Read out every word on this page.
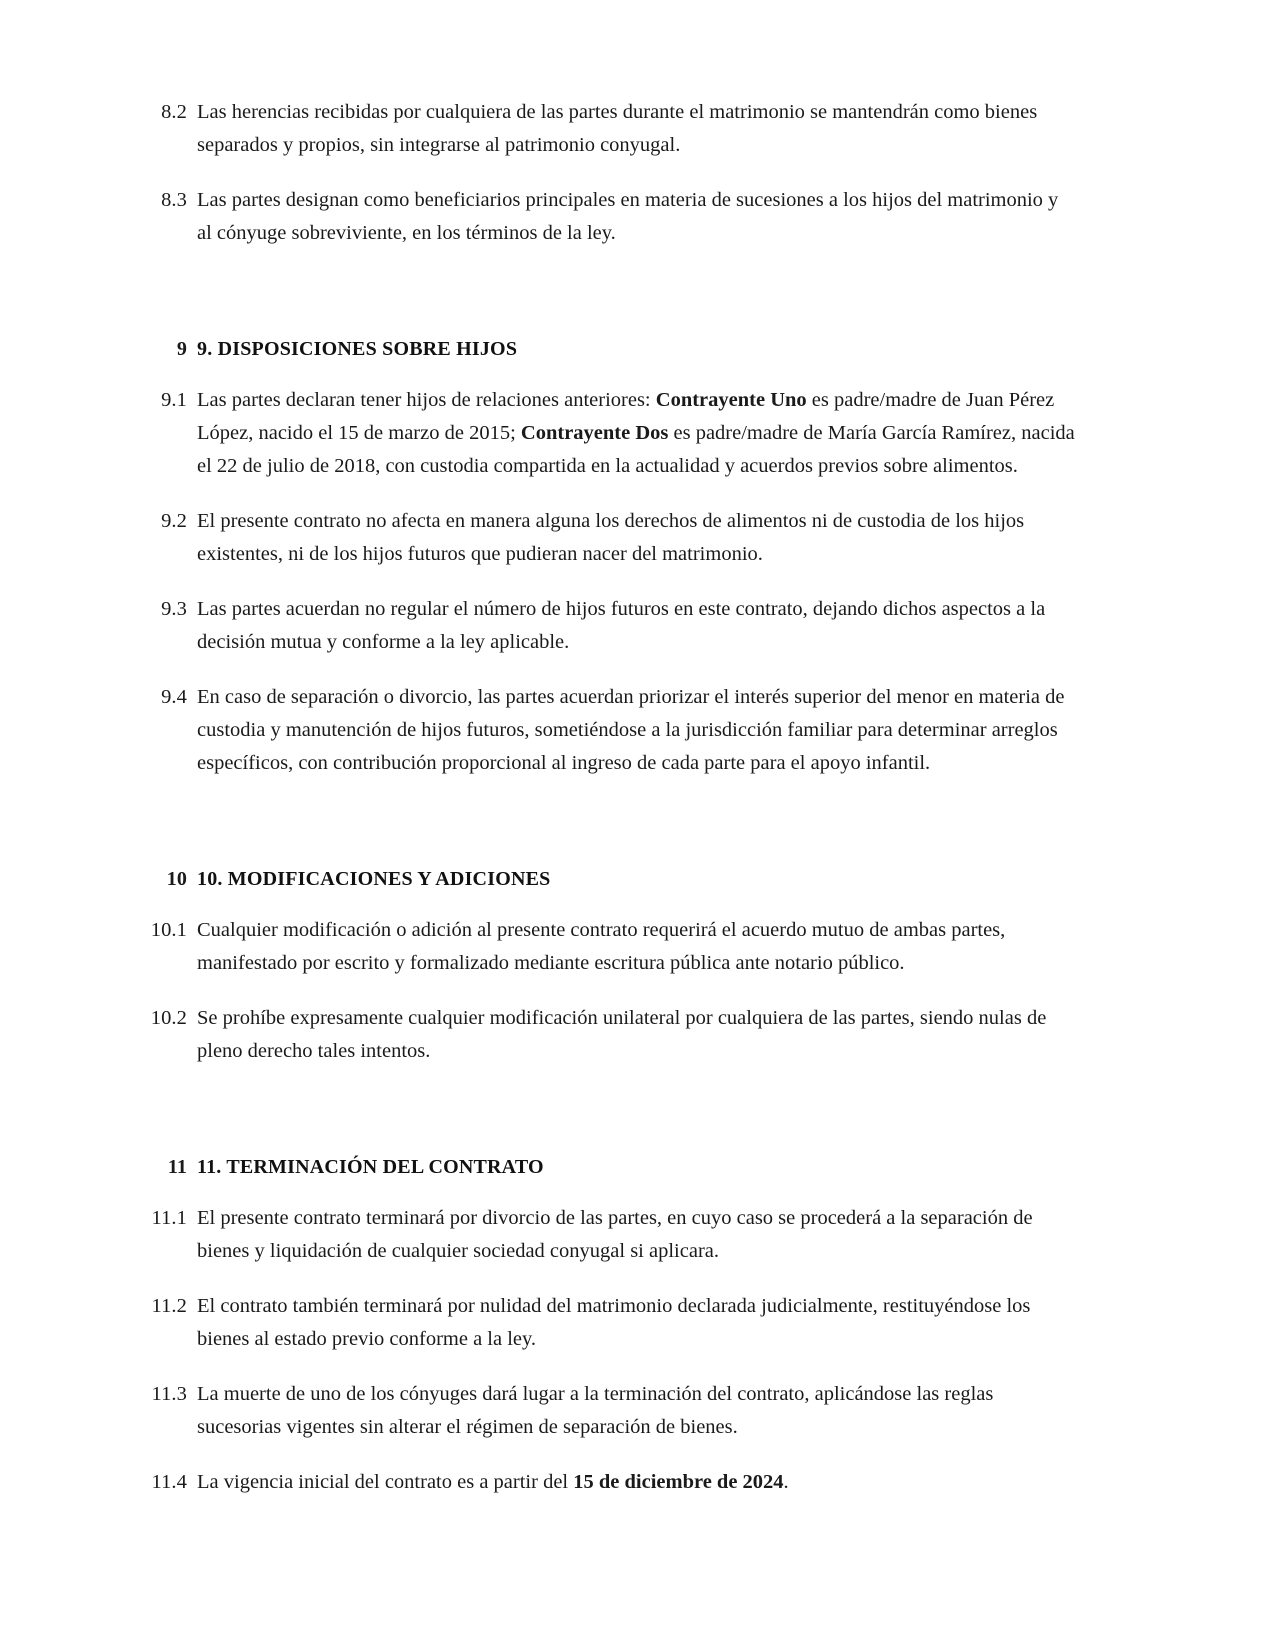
8.2 Las herencias recibidas por cualquiera de las partes durante el matrimonio se mantendrán como bienes separados y propios, sin integrarse al patrimonio conyugal.
8.3 Las partes designan como beneficiarios principales en materia de sucesiones a los hijos del matrimonio y al cónyuge sobreviviente, en los términos de la ley.
9 9. DISPOSICIONES SOBRE HIJOS
9.1 Las partes declaran tener hijos de relaciones anteriores: Contrayente Uno es padre/madre de Juan Pérez López, nacido el 15 de marzo de 2015; Contrayente Dos es padre/madre de María García Ramírez, nacida el 22 de julio de 2018, con custodia compartida en la actualidad y acuerdos previos sobre alimentos.
9.2 El presente contrato no afecta en manera alguna los derechos de alimentos ni de custodia de los hijos existentes, ni de los hijos futuros que pudieran nacer del matrimonio.
9.3 Las partes acuerdan no regular el número de hijos futuros en este contrato, dejando dichos aspectos a la decisión mutua y conforme a la ley aplicable.
9.4 En caso de separación o divorcio, las partes acuerdan priorizar el interés superior del menor en materia de custodia y manutención de hijos futuros, sometiéndose a la jurisdicción familiar para determinar arreglos específicos, con contribución proporcional al ingreso de cada parte para el apoyo infantil.
10 10. MODIFICACIONES Y ADICIONES
10.1 Cualquier modificación o adición al presente contrato requerirá el acuerdo mutuo de ambas partes, manifestado por escrito y formalizado mediante escritura pública ante notario público.
10.2 Se prohíbe expresamente cualquier modificación unilateral por cualquiera de las partes, siendo nulas de pleno derecho tales intentos.
11 11. TERMINACIÓN DEL CONTRATO
11.1 El presente contrato terminará por divorcio de las partes, en cuyo caso se procederá a la separación de bienes y liquidación de cualquier sociedad conyugal si aplicara.
11.2 El contrato también terminará por nulidad del matrimonio declarada judicialmente, restituyéndose los bienes al estado previo conforme a la ley.
11.3 La muerte de uno de los cónyuges dará lugar a la terminación del contrato, aplicándose las reglas sucesorias vigentes sin alterar el régimen de separación de bienes.
11.4 La vigencia inicial del contrato es a partir del 15 de diciembre de 2024.
